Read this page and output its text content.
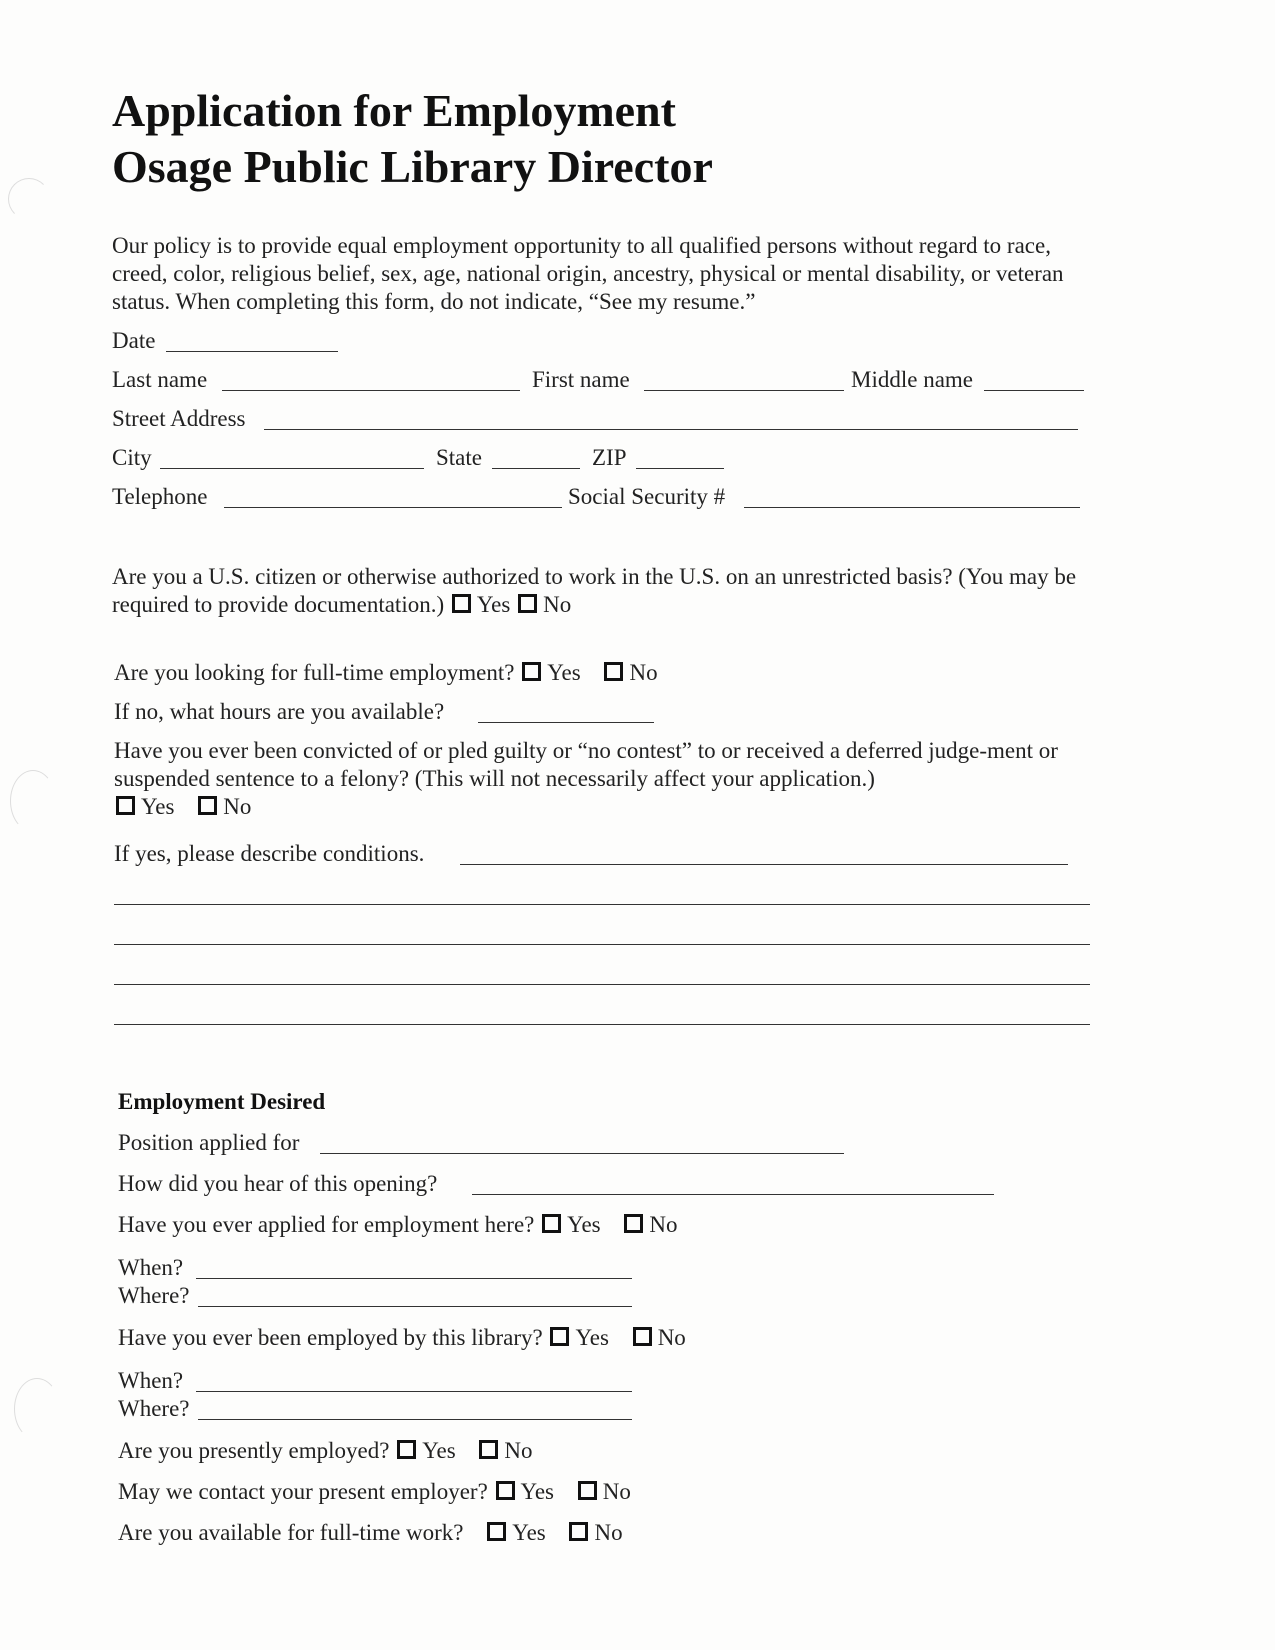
Application for Employment
Osage Public Library Director
Our policy is to provide equal employment opportunity to all qualified persons without regard to race, creed, color, religious belief, sex, age, national origin, ancestry, physical or mental disability, or veteran status. When completing this form, do not indicate, “See my resume.”
Date
Last name	First name	Middle name
Street Address
City	State	ZIP
Telephone	Social Security #
Are you a U.S. citizen or otherwise authorized to work in the U.S. on an unrestricted basis? (You may be required to provide documentation.) Yes No
Are you looking for full-time employment? Yes No
If no, what hours are you available?
Have you ever been convicted of or pled guilty or “no contest” to or received a deferred judge-ment or suspended sentence to a felony? (This will not necessarily affect your application.)
Yes No
If yes, please describe conditions.
Employment Desired
Position applied for
How did you hear of this opening?
Have you ever applied for employment here? Yes No
When?
Where?
Have you ever been employed by this library? Yes No
When?
Where?
Are you presently employed? Yes No
May we contact your present employer? Yes No
Are you available for full-time work? Yes No
